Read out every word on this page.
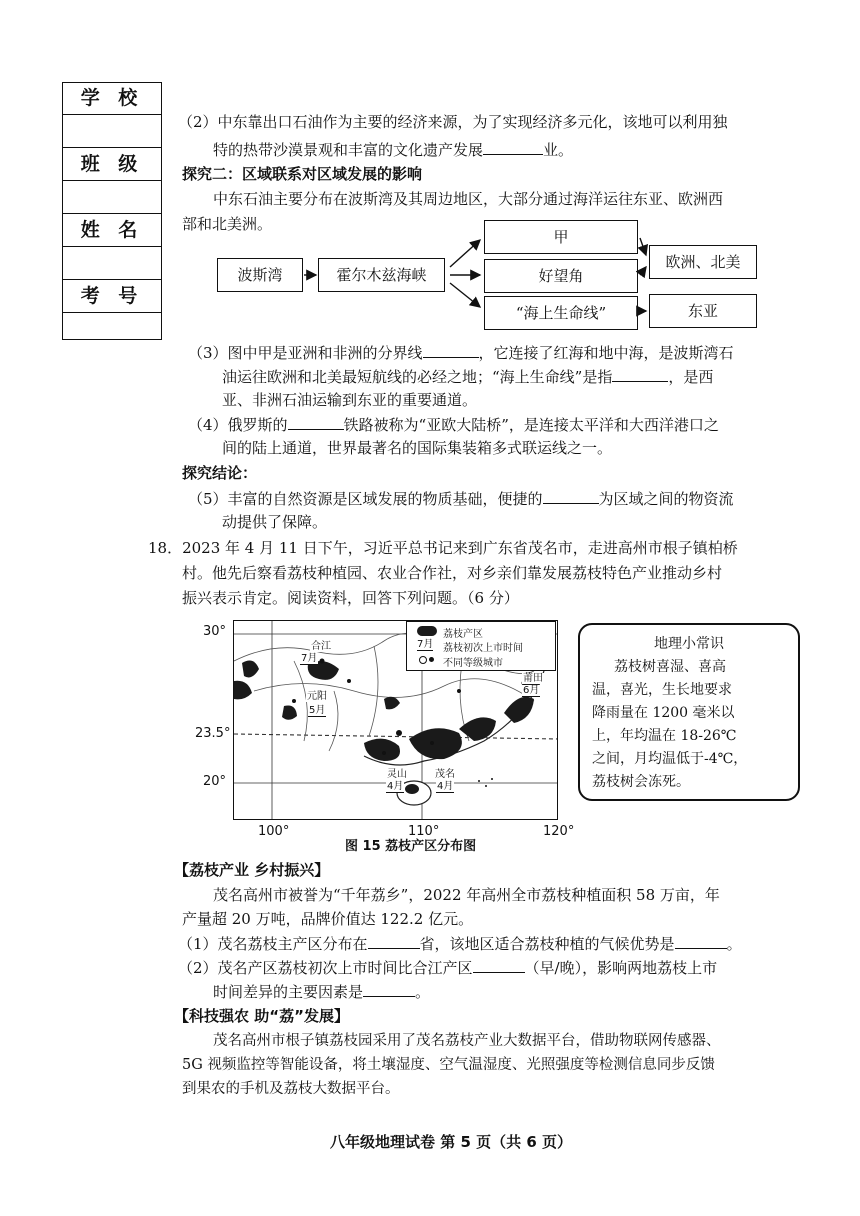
学 校
班 级
姓 名
考 号
（2）中东靠出口石油作为主要的经济来源，为了实现经济多元化，该地可以利用独
特的热带沙漠景观和丰富的文化遗产发展	业。
探究二：区域联系对区域发展的影响
中东石油主要分布在波斯湾及其周边地区，大部分通过海洋运往东亚、欧洲西
部和北美洲。
波斯湾	霍尔木兹海峡
甲
好望角
“海上生命线”
欧洲、北美
东亚
（3）图中甲是亚洲和非洲的分界线	，它连接了红海和地中海，是波斯湾石
油运往欧洲和北美最短航线的必经之地；“海上生命线”是指	，是西
亚、非洲石油运输到东亚的重要通道。
（4）俄罗斯的	铁路被称为“亚欧大陆桥”，是连接太平洋和大西洋港口之
间的陆上通道，世界最著名的国际集装箱多式联运线之一。
探究结论：
（5）丰富的自然资源是区域发展的物质基础，便捷的	为区域之间的物资流
动提供了保障。
18．2023 年 4 月 11 日下午，习近平总书记来到广东省茂名市，走进高州市根子镇柏桥
村。他先后察看荔枝种植园、农业合作社，对乡亲们靠发展荔枝特色产业推动乡村
振兴表示肯定。阅读资料，回答下列问题。（6 分）
30°
23.5°
20°
100°	110°	120°
荔枝产区
7月 荔枝初次上市时间
不同等级城市
合江
7月
元阳
5月
莆田
6月
灵山
4月
茂名
4月
地理小常识
荔枝树喜湿、喜高
温，喜光，生长地要求
降雨量在 1200 毫米以
上，年均温在 18-26℃
之间，月均温低于-4℃，
荔枝树会冻死。
图 15 荔枝产区分布图
【荔枝产业 乡村振兴】
茂名高州市被誉为“千年荔乡”，2022 年高州全市荔枝种植面积 58 万亩，年
产量超 20 万吨，品牌价值达 122.2 亿元。
（1）茂名荔枝主产区分布在	省，该地区适合荔枝种植的气候优势是	。
（2）茂名产区荔枝初次上市时间比合江产区	（早/晚），影响两地荔枝上市
时间差异的主要因素是	。
【科技强农 助“荔”发展】
茂名高州市根子镇荔枝园采用了茂名荔枝产业大数据平台，借助物联网传感器、
5G 视频监控等智能设备，将土壤湿度、空气温湿度、光照强度等检测信息同步反馈
到果农的手机及荔枝大数据平台。
八年级地理试卷 第 5 页（共 6 页）
